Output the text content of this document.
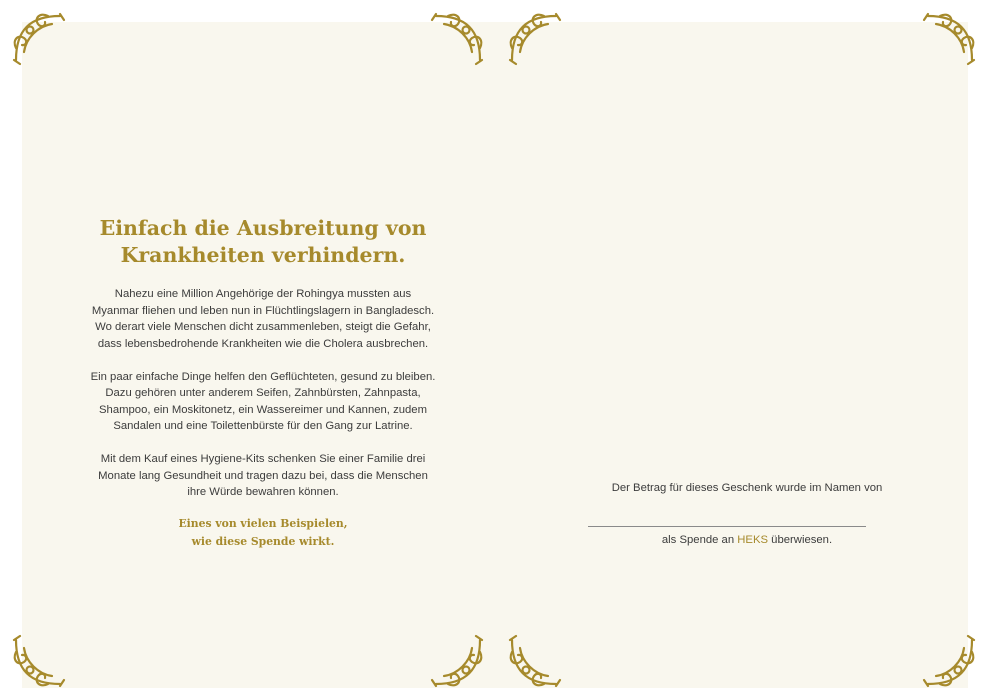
Einfach die Ausbreitung von
Krankheiten verhindern.

Nahezu eine Million Angehörige der Rohingya mussten aus
Myanmar fliehen und leben nun in Flüchtlingslagern in Bangladesch.
Wo derart viele Menschen dicht zusammenleben, steigt die Gefahr,
dass lebensbedrohende Krankheiten wie die Cholera ausbrechen.

Ein paar einfache Dinge helfen den Geflüchteten, gesund zu bleiben.
Dazu gehören unter anderem Seifen, Zahnbürsten, Zahnpasta,
Shampoo, ein Moskitonetz, ein Wassereimer und Kannen, zudem
Sandalen und eine Toilettenbürste für den Gang zur Latrine.

Mit dem Kauf eines Hygiene-Kits schenken Sie einer Familie drei
Monate lang Gesundheit und tragen dazu bei, dass die Menschen
ihre Würde bewahren können.

Eines von vielen Beispielen,
wie diese Spende wirkt.
Der Betrag für dieses Geschenk wurde im Namen von
als Spende an HEKS überwiesen.
